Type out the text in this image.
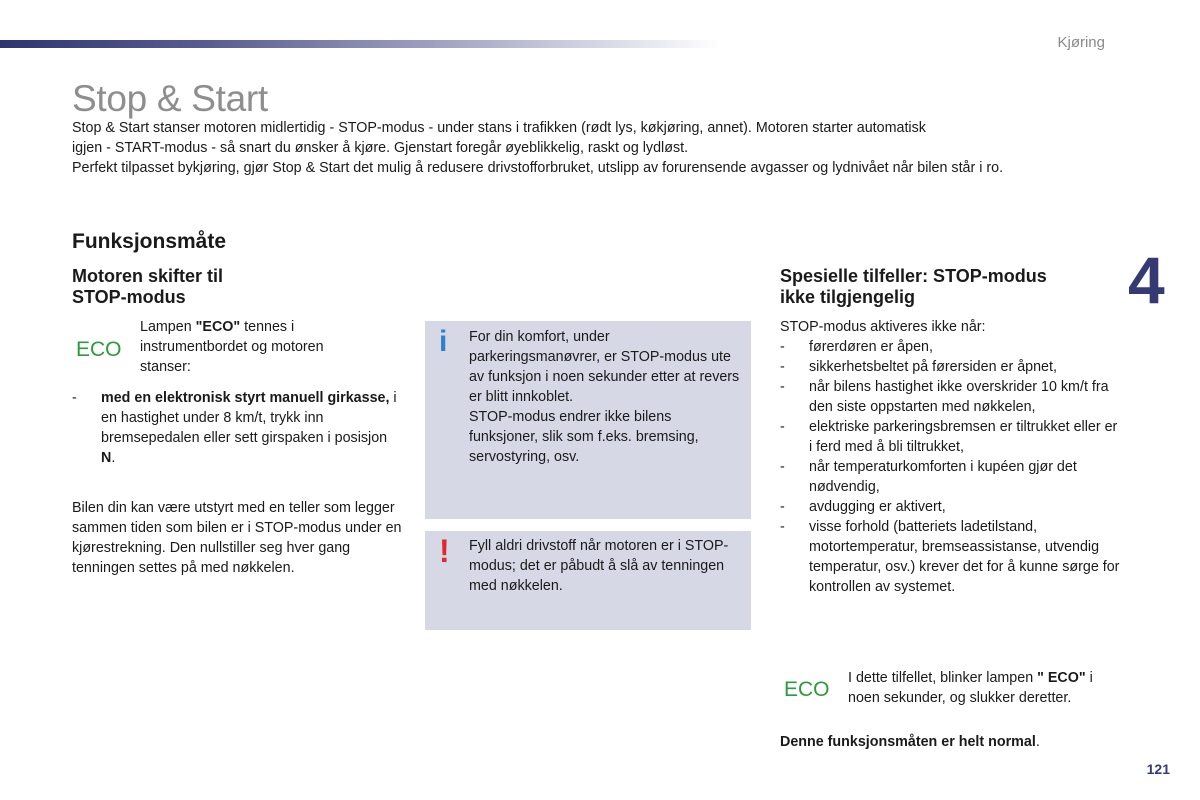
Kjøring
Stop & Start

Stop & Start stanser motoren midlertidig - STOP-modus - under stans i trafikken (rødt lys, køkjøring, annet). Motoren starter automatisk

igjen - START-modus - så snart du ønsker å kjøre. Gjenstart foregår øyeblikkelig, raskt og lydløst.

Perfekt tilpasset bykjøring, gjør Stop & Start det mulig å redusere drivstofforbruket, utslipp av forurensende avgasser og lydnivået når bilen står i ro.

Funksjonsmåte
4
Motoren skifter til
STOP-modus
ECO
Lampen "ECO" tennes i instrumentbordet og motoren stanser:
- med en elektronisk styrt manuell girkasse, i en hastighet under 8 km/t, trykk inn bremsepedalen eller sett girspaken i posisjon N.
Bilen din kan være utstyrt med en teller som legger sammen tiden som bilen er i STOP-modus under en kjørestrekning. Den nullstiller seg hver gang tenningen settes på med nøkkelen.
i For din komfort, under parkeringsmanøvrer, er STOP-modus ute av funksjon i noen sekunder etter at revers er blitt innkoblet.

STOP-modus endrer ikke bilens funksjoner, slik som f.eks. bremsing, servostyring, osv.

! Fyll aldri drivstoff når motoren er i STOP-modus; det er påbudt å slå av tenningen med nøkkelen.
Spesielle tilfeller: STOP-modus
ikke tilgjengelig

STOP-modus aktiveres ikke når:

- førerdøren er åpen,
- sikkerhetsbeltet på førersiden er åpnet,
- når bilens hastighet ikke overskrider 10 km/t fra den siste oppstarten med nøkkelen,
- elektriske parkeringsbremsen er tiltrukket eller er i ferd med å bli tiltrukket,
- når temperaturkomforten i kupéen gjør det nødvendig,
- avdugging er aktivert,
- visse forhold (batteriets ladetilstand, motortemperatur, bremseassistanse, utvendig temperatur, osv.) krever det for å kunne sørge for kontrollen av systemet.
ECO I dette tilfellet, blinker lampen " ECO" i noen sekunder, og slukker deretter.
Denne funksjonsmåten er helt normal.
121
